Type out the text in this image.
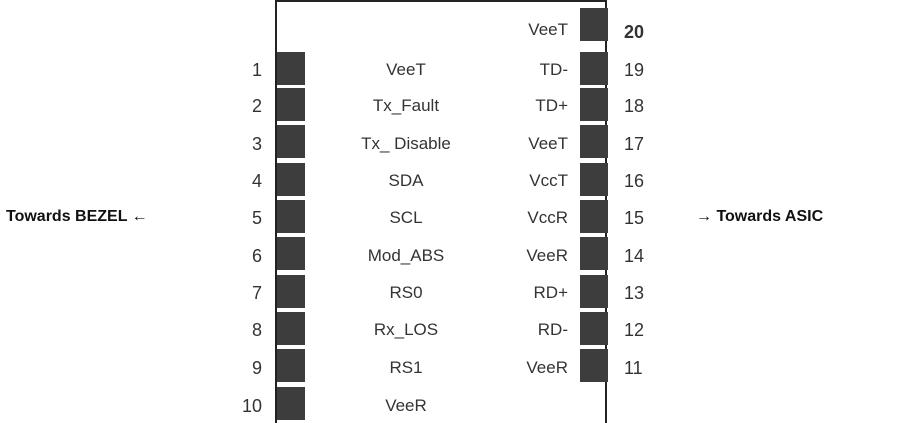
Towards BEZEL ←	→ Towards ASIC
VeeT	20
TD-	19
TD+	18
VeeT	17
VccT	16
VccR	15
VeeR	14
RD+	13
RD-	12
VeeR	11
1	VeeT
2	Tx_Fault
3	Tx_ Disable
4	SDA
5	SCL
6	Mod_ABS
7	RS0
8	Rx_LOS
9	RS1
10	VeeR
